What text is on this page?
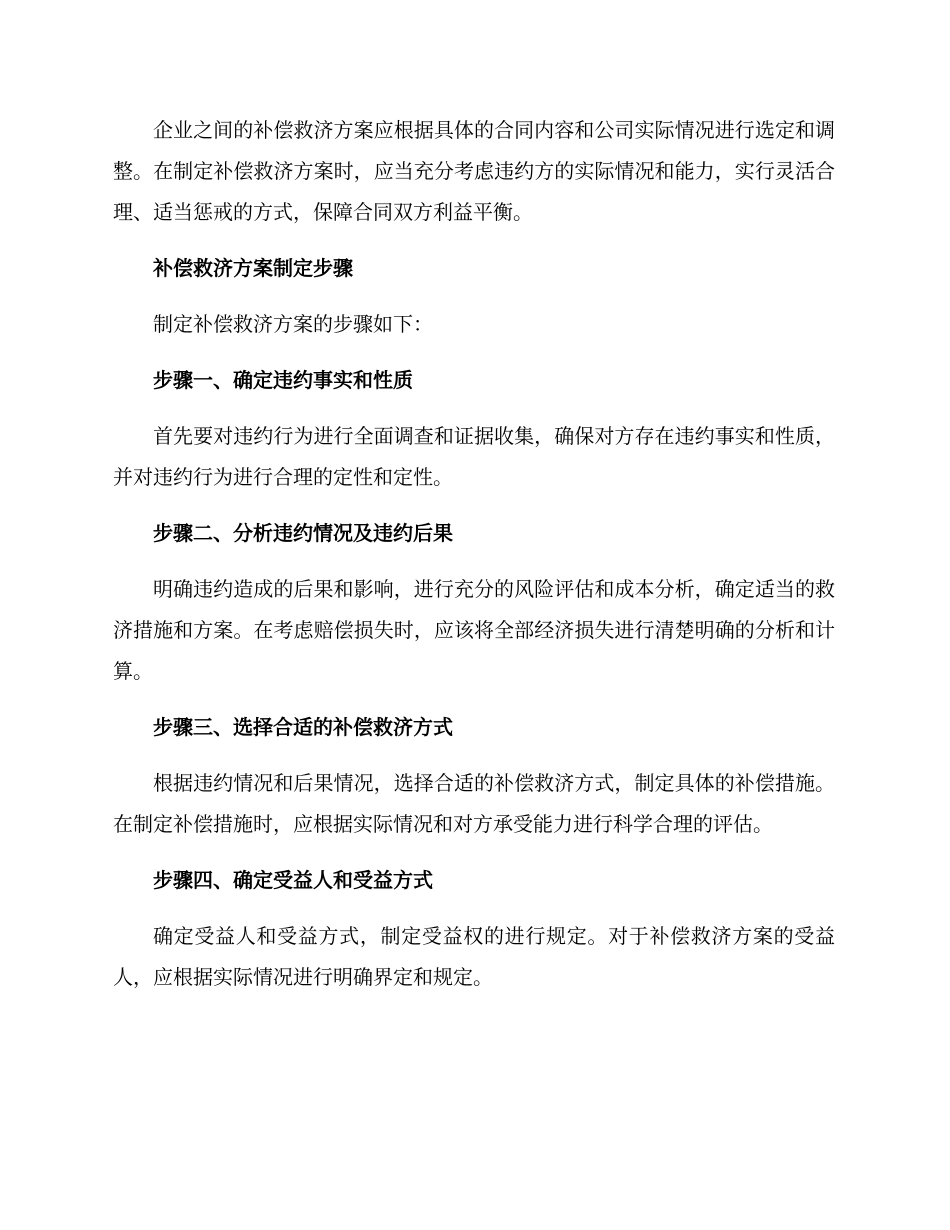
企业之间的补偿救济方案应根据具体的合同内容和公司实际情况进行选定和调整。在制定补偿救济方案时，应当充分考虑违约方的实际情况和能力，实行灵活合理、适当惩戒的方式，保障合同双方利益平衡。

补偿救济方案制定步骤

制定补偿救济方案的步骤如下：

步骤一、确定违约事实和性质

首先要对违约行为进行全面调查和证据收集，确保对方存在违约事实和性质，并对违约行为进行合理的定性和定性。

步骤二、分析违约情况及违约后果

明确违约造成的后果和影响，进行充分的风险评估和成本分析，确定适当的救济措施和方案。在考虑赔偿损失时，应该将全部经济损失进行清楚明确的分析和计算。

步骤三、选择合适的补偿救济方式

根据违约情况和后果情况，选择合适的补偿救济方式，制定具体的补偿措施。在制定补偿措施时，应根据实际情况和对方承受能力进行科学合理的评估。

步骤四、确定受益人和受益方式

确定受益人和受益方式，制定受益权的进行规定。对于补偿救济方案的受益人，应根据实际情况进行明确界定和规定。
